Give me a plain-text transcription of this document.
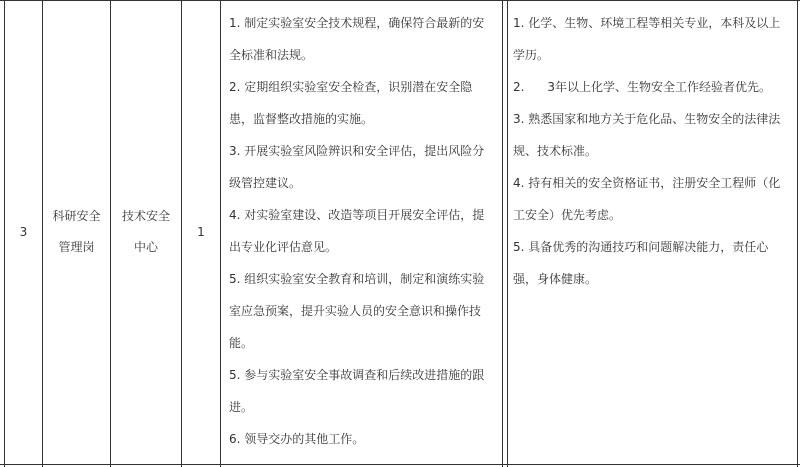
3
科研安全
管理岗
技术安全
中心
1
1. 制定实验室安全技术规程，确保符合最新的安
全标准和法规。
2. 定期组织实验室安全检查，识别潜在安全隐
患，监督整改措施的实施。
3. 开展实验室风险辨识和安全评估，提出风险分
级管控建议。
4. 对实验室建设、改造等项目开展安全评估，提
出专业化评估意见。
5. 组织实验室安全教育和培训，制定和演练实验
室应急预案，提升实验人员的安全意识和操作技
能。
5. 参与实验室安全事故调查和后续改进措施的跟
进。
6. 领导交办的其他工作。
1. 化学、生物、环境工程等相关专业，本科及以上
学历。
2.      3年以上化学、生物安全工作经验者优先。
3. 熟悉国家和地方关于危化品、生物安全的法律法
规、技术标准。
4. 持有相关的安全资格证书，注册安全工程师（化
工安全）优先考虑。
5. 具备优秀的沟通技巧和问题解决能力，责任心
强，身体健康。
